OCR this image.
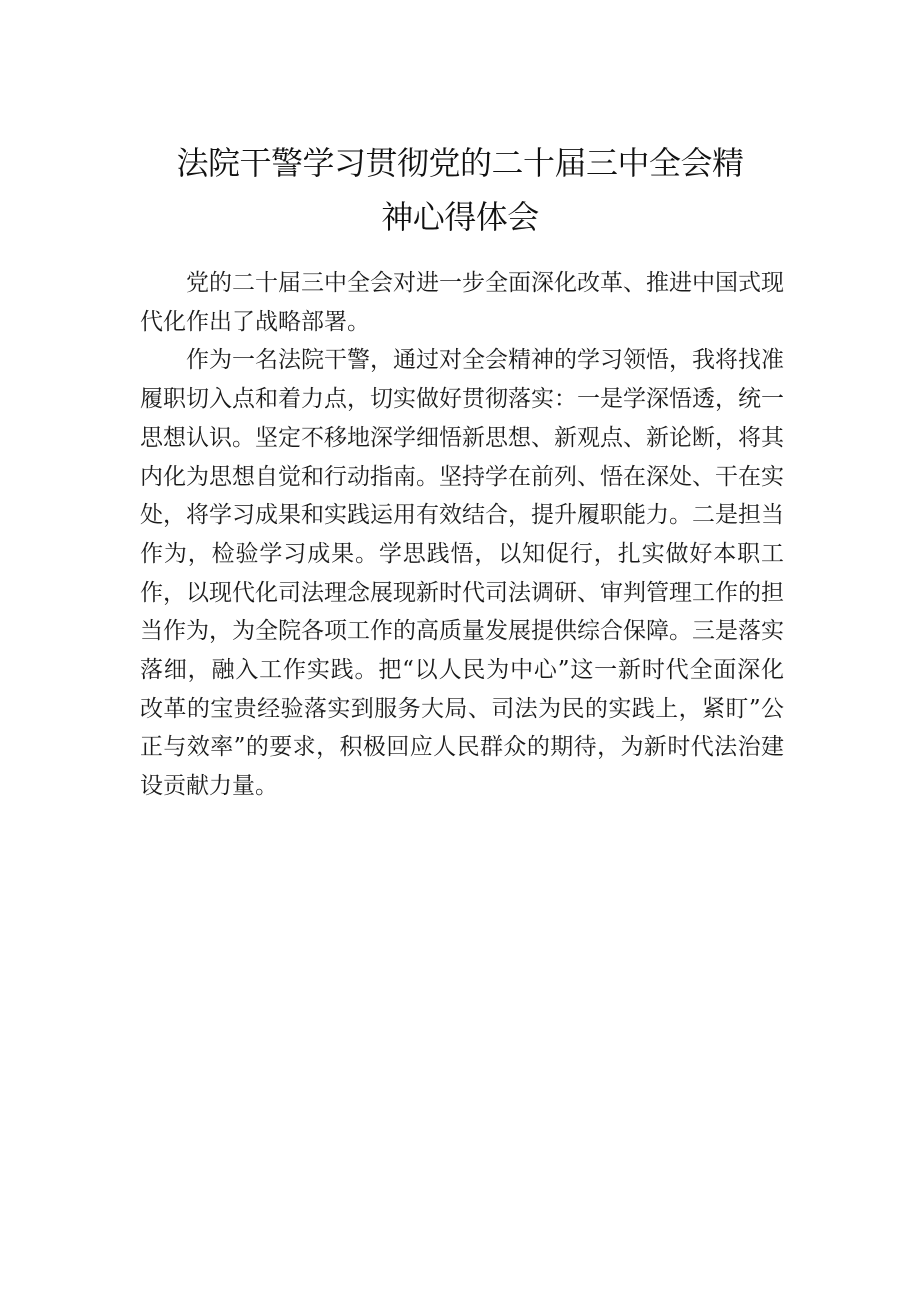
法院干警学习贯彻党的二十届三中全会精
神心得体会

党的二十届三中全会对进一步全面深化改革、推进中国式现代化作出了战略部署。

作为一名法院干警，通过对全会精神的学习领悟，我将找准履职切入点和着力点，切实做好贯彻落实：一是学深悟透，统一思想认识。坚定不移地深学细悟新思想、新观点、新论断，将其内化为思想自觉和行动指南。坚持学在前列、悟在深处、干在实处，将学习成果和实践运用有效结合，提升履职能力。二是担当作为，检验学习成果。学思践悟，以知促行，扎实做好本职工作，以现代化司法理念展现新时代司法调研、审判管理工作的担当作为，为全院各项工作的高质量发展提供综合保障。三是落实落细，融入工作实践。把“以人民为中心”这一新时代全面深化改革的宝贵经验落实到服务大局、司法为民的实践上，紧盯”公正与效率”的要求，积极回应人民群众的期待，为新时代法治建设贡献力量。
